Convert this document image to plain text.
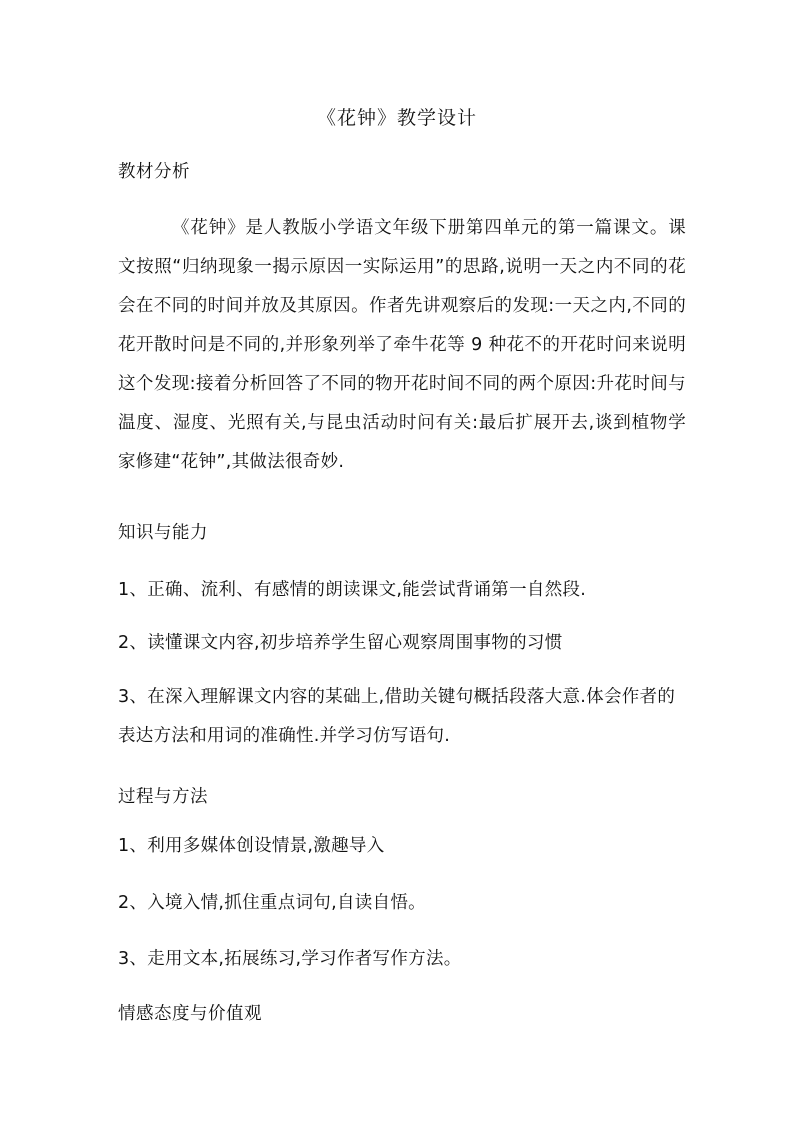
《花钟》教学设计
教材分析

《花钟》是人教版小学语文年级下册第四单元的第一篇课文。课文按照“归纳现象一揭示原因一实际运用”的思路,说明一天之内不同的花会在不同的时间并放及其原因。作者先讲观察后的发现:一天之内,不同的花开散时问是不同的,并形象列举了牵牛花等 9 种花不的开花时问来说明这个发现:接着分析回答了不同的物开花时间不同的两个原因:升花时间与温度、湿度、光照有关,与昆虫活动时问有关:最后扩展开去,谈到植物学家修建“花钟”,其做法很奇妙.

知识与能力

1、正确、流利、有感情的朗读课文,能尝试背诵第一自然段.

2、读懂课文内容,初步培养学生留心观察周围事物的习惯

3、在深入理解课文内容的某础上,借助关键句概括段落大意.体会作者的表达方法和用词的准确性.并学习仿写语句.

过程与方法

1、利用多媒体创设情景,激趣导入

2、入境入情,抓住重点词句,自读自悟。

3、走用文本,拓展练习,学习作者写作方法。

情感态度与价值观
